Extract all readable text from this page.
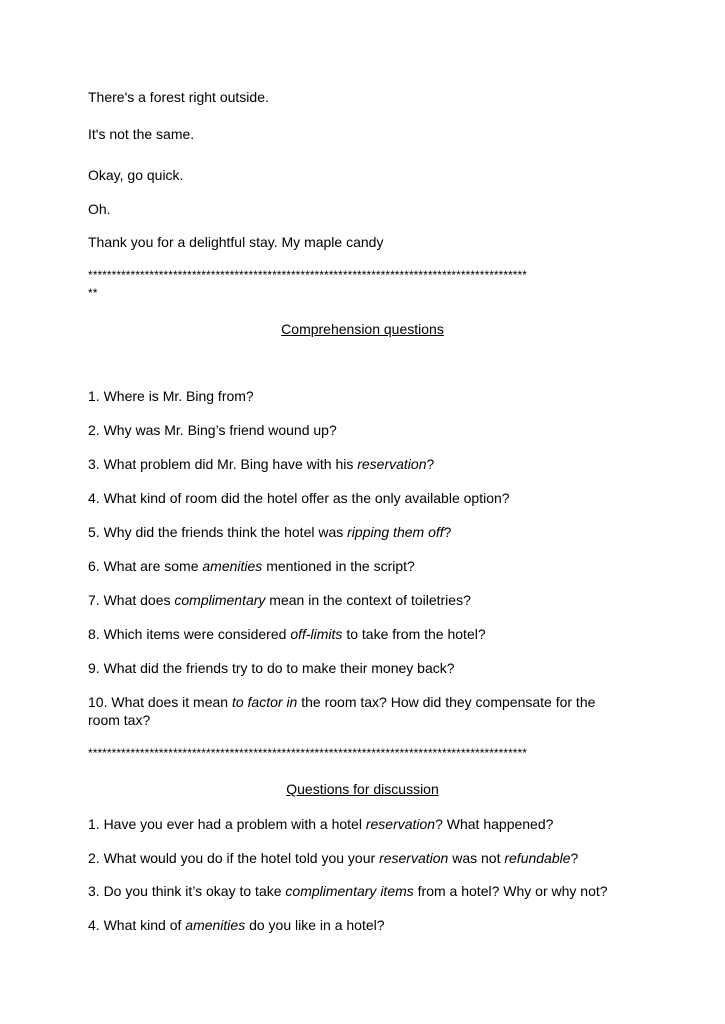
There's a forest right outside.
It's not the same.
Okay, go quick.
Oh.
Thank you for a delightful stay. My maple candy
*********************************************************************************************
**
Comprehension questions
1. Where is Mr. Bing from?
2. Why was Mr. Bing’s friend wound up?
3. What problem did Mr. Bing have with his reservation?
4. What kind of room did the hotel offer as the only available option?
5. Why did the friends think the hotel was ripping them off?
6. What are some amenities mentioned in the script?
7. What does complimentary mean in the context of toiletries?
8. Which items were considered off-limits to take from the hotel?
9. What did the friends try to do to make their money back?
10. What does it mean to factor in the room tax? How did they compensate for the
room tax?
*********************************************************************************************
Questions for discussion
1. Have you ever had a problem with a hotel reservation? What happened?
2. What would you do if the hotel told you your reservation was not refundable?
3. Do you think it’s okay to take complimentary items from a hotel? Why or why not?
4. What kind of amenities do you like in a hotel?
